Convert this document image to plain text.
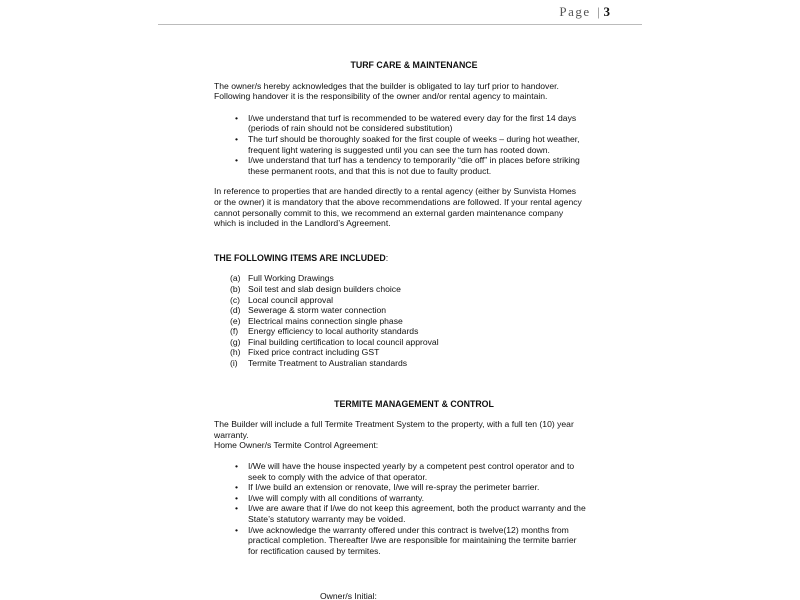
Page | 3
TURF CARE & MAINTENANCE

The owner/s hereby acknowledges that the builder is obligated to lay turf prior to handover.

Following handover it is the responsibility of the owner and/or rental agency to maintain.

• I/we understand that turf is recommended to be watered every day for the first 14 days
(periods of rain should not be considered substitution)
• The turf should be thoroughly soaked for the first couple of weeks – during hot weather,
frequent light watering is suggested until you can see the turn has rooted down.
• I/we understand that turf has a tendency to temporarily “die off” in places before striking
these permanent roots, and that this is not due to faulty product.

In reference to properties that are handed directly to a rental agency (either by Sunvista Homes

or the owner) it is mandatory that the above recommendations are followed. If your rental agency

cannot personally commit to this, we recommend an external garden maintenance company

which is included in the Landlord’s Agreement.

THE FOLLOWING ITEMS ARE INCLUDED:
(a) Full Working Drawings
(b) Soil test and slab design builders choice
(c) Local council approval
(d) Sewerage & storm water connection
(e) Electrical mains connection single phase
(f) Energy efficiency to local authority standards
(g) Final building certification to local council approval
(h) Fixed price contract including GST
(i) Termite Treatment to Australian standards
TERMITE MANAGEMENT & CONTROL

The Builder will include a full Termite Treatment System to the property, with a full ten (10) year

warranty.

Home Owner/s Termite Control Agreement:

• I/We will have the house inspected yearly by a competent pest control operator and to
seek to comply with the advice of that operator.
• If I/we build an extension or renovate, I/we will re-spray the perimeter barrier.
• I/we will comply with all conditions of warranty.
• I/we are aware that if I/we do not keep this agreement, both the product warranty and the
State’s statutory warranty may be voided.
• I/we acknowledge the warranty offered under this contract is twelve(12) months from
practical completion. Thereafter I/we are responsible for maintaining the termite barrier
for rectification caused by termites.
Owner/s Initial:
